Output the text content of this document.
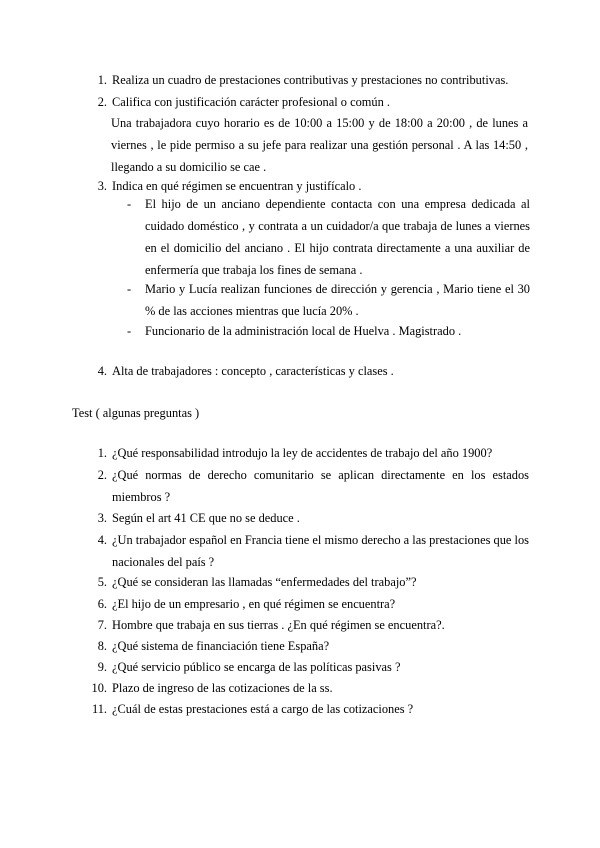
1. Realiza un cuadro de prestaciones contributivas y prestaciones no contributivas.
2. Califica con justificación carácter profesional o común .
Una trabajadora cuyo horario es de 10:00 a 15:00 y de 18:00 a 20:00 , de lunes a viernes , le pide permiso a su jefe para realizar una gestión personal . A las 14:50 , llegando a su domicilio se cae .
3. Indica en qué régimen se encuentran y justifícalo .
- El hijo de un anciano dependiente contacta con una empresa dedicada al cuidado doméstico , y contrata a un cuidador/a que trabaja de lunes a viernes en el domicilio del anciano . El hijo contrata directamente a una auxiliar de enfermería que trabaja los fines de semana .
- Mario y Lucía realizan funciones de dirección y gerencia , Mario tiene el 30 % de las acciones mientras que lucía 20% .
- Funcionario de la administración local de Huelva . Magistrado .
4. Alta de trabajadores : concepto , características y clases .
Test ( algunas preguntas )
1. ¿Qué responsabilidad introdujo la ley de accidentes de trabajo del año 1900?
2. ¿Qué normas de derecho comunitario se aplican directamente en los estados miembros ?
3. Según el art 41 CE que no se deduce .
4. ¿Un trabajador español en Francia tiene el mismo derecho a las prestaciones que los nacionales del país ?
5. ¿Qué se consideran las llamadas “enfermedades del trabajo”?
6. ¿El hijo de un empresario , en qué régimen se encuentra?
7. Hombre que trabaja en sus tierras . ¿En qué régimen se encuentra?.
8. ¿Qué sistema de financiación tiene España?
9. ¿Qué servicio público se encarga de las políticas pasivas ?
10. Plazo de ingreso de las cotizaciones de la ss.
11. ¿Cuál de estas prestaciones está a cargo de las cotizaciones ?
